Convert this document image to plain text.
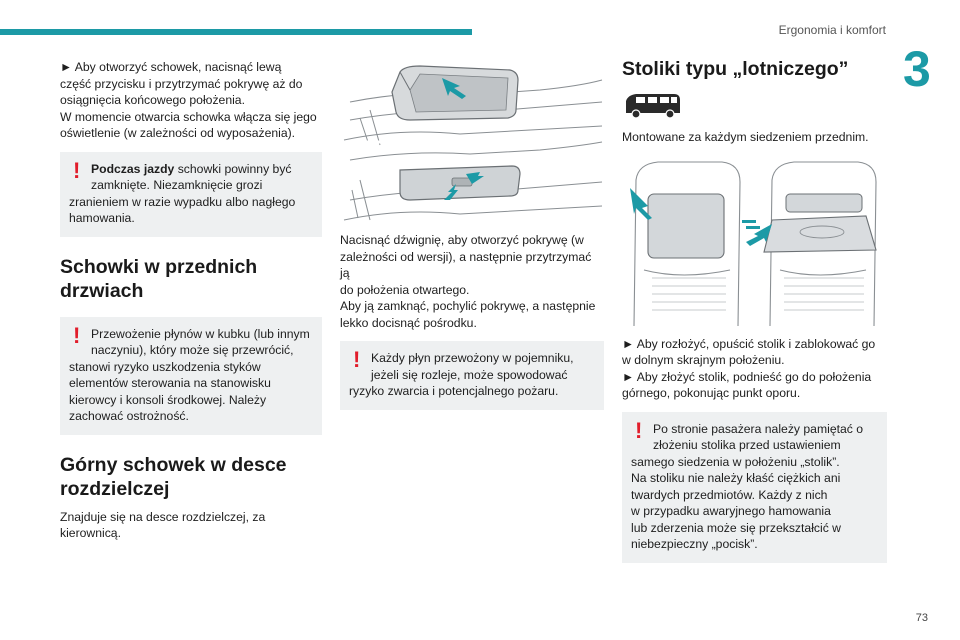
Ergonomia i komfort
3
73

► Aby otworzyć schowek, nacisnąć lewą
część przycisku i przytrzymać pokrywę aż do
osiągnięcia końcowego położenia.
W momencie otwarcia schowka włącza się jego
oświetlenie (w zależności od wyposażenia).

! Podczas jazdy schowki powinny być
zamknięte. Niezamknięcie grozi
zranieniem w razie wypadku albo nagłego
hamowania.

Schowki w przednich
drzwiach
! Przewożenie płynów w kubku (lub innym
naczyniu), który może się przewrócić,
stanowi ryzyko uszkodzenia styków
elementów sterowania na stanowisku
kierowcy i konsoli środkowej. Należy
zachować ostrożność.

Górny schowek w desce
rozdzielczej

Znajduje się na desce rozdzielczej, za
kierownicą.

Nacisnąć dźwignię, aby otworzyć pokrywę (w
zależności od wersji), a następnie przytrzymać ją
do położenia otwartego.
Aby ją zamknąć, pochylić pokrywę, a następnie
lekko docisnąć pośrodku.

! Każdy płyn przewożony w pojemniku,
jeżeli się rozleje, może spowodować
ryzyko zwarcia i potencjalnego pożaru.

Stoliki typu „lotniczego”

Montowane za każdym siedzeniem przednim.

► Aby rozłożyć, opuścić stolik i zablokować go
w dolnym skrajnym położeniu.
► Aby złożyć stolik, podnieść go do położenia
górnego, pokonując punkt oporu.

! Po stronie pasażera należy pamiętać o
złożeniu stolika przed ustawieniem
samego siedzenia w położeniu „stolik”.
Na stoliku nie należy kłaść ciężkich ani
twardych przedmiotów. Każdy z nich
w przypadku awaryjnego hamowania
lub zderzenia może się przekształcić w
niebezpieczny „pocisk”.
